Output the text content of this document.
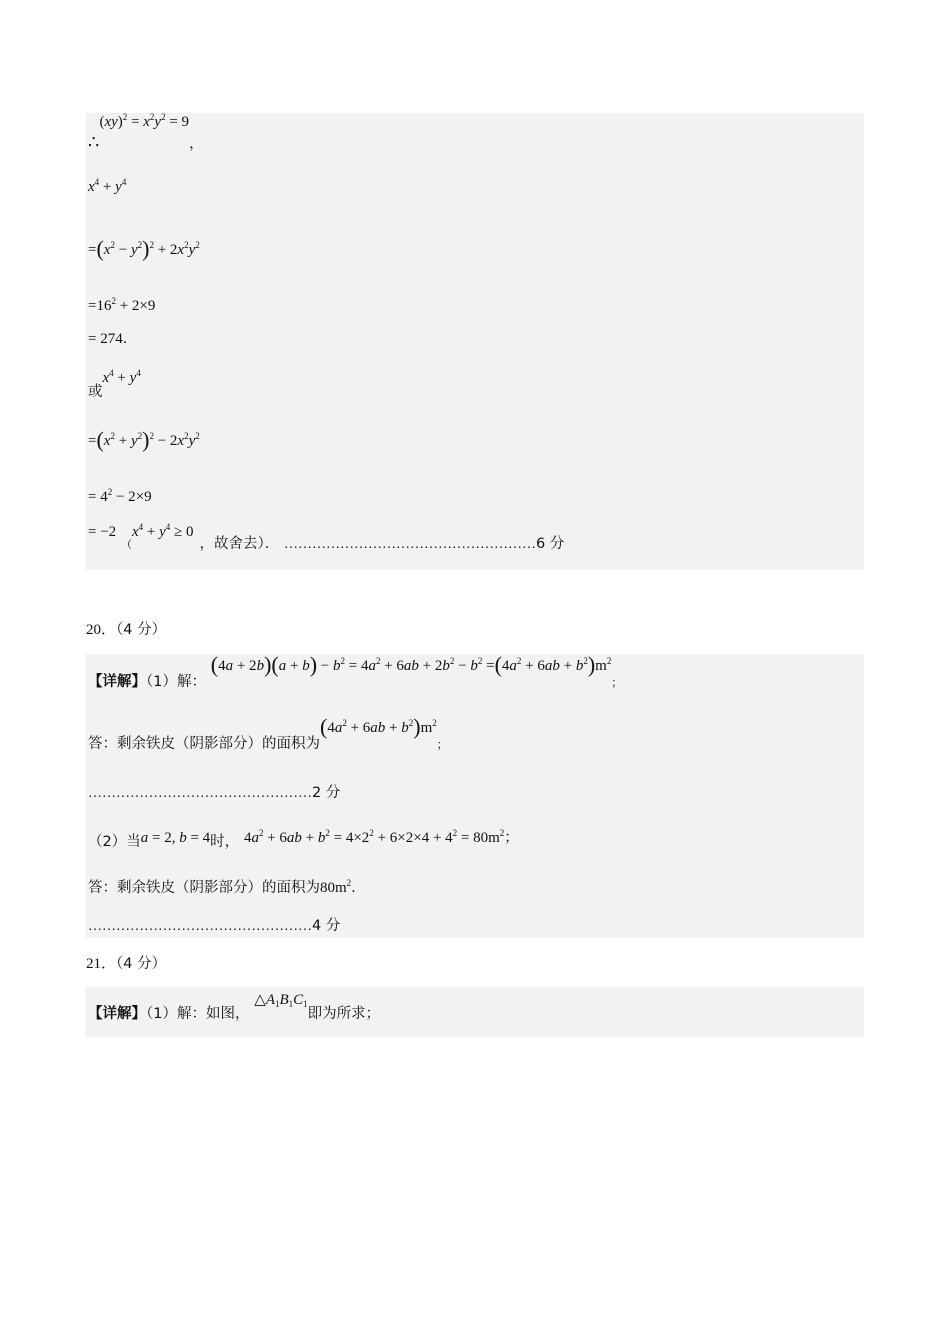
∴(xy)$^2$ = $x^2y^2 = 9$，
$x^4 + y^4$
$=(x^2 - y^2)^2 + 2x^2y^2$
$=16^2 + 2\times 9$
= 274.
或$x^4 + y^4$
$=(x^2 + y^2)^2 - 2x^2y^2$
= $4^2 - 2\times 9$
= −2 $_(x^4 + y^4 \ge 0$，故舍去）． ………………………………………………6 分
20．（4 分）
【详解】（1）解： $(4a + 2b)(a + b) - b^2 = 4a^2 + 6ab + 2b^2 - b^2 =(4a^2 + 6ab + b^2)m^2_;$
答：剩余铁皮（阴影部分）的面积为$(4a^2 + 6ab + b^2)m^2_;$
…………………………………………2 分
（2）当a = 2, b = 4时， $4a^2 + 6ab + b^2 = 4\times 2^2 + 6\times 2\times 4 + 4^2 = 80m^2$；
答：剩余铁皮（阴影部分）的面积为$80m^2$.
…………………………………………4 分
21．（4 分）
【详解】（1）解：如图， $\triangle A_1B_1C_1$即为所求；
